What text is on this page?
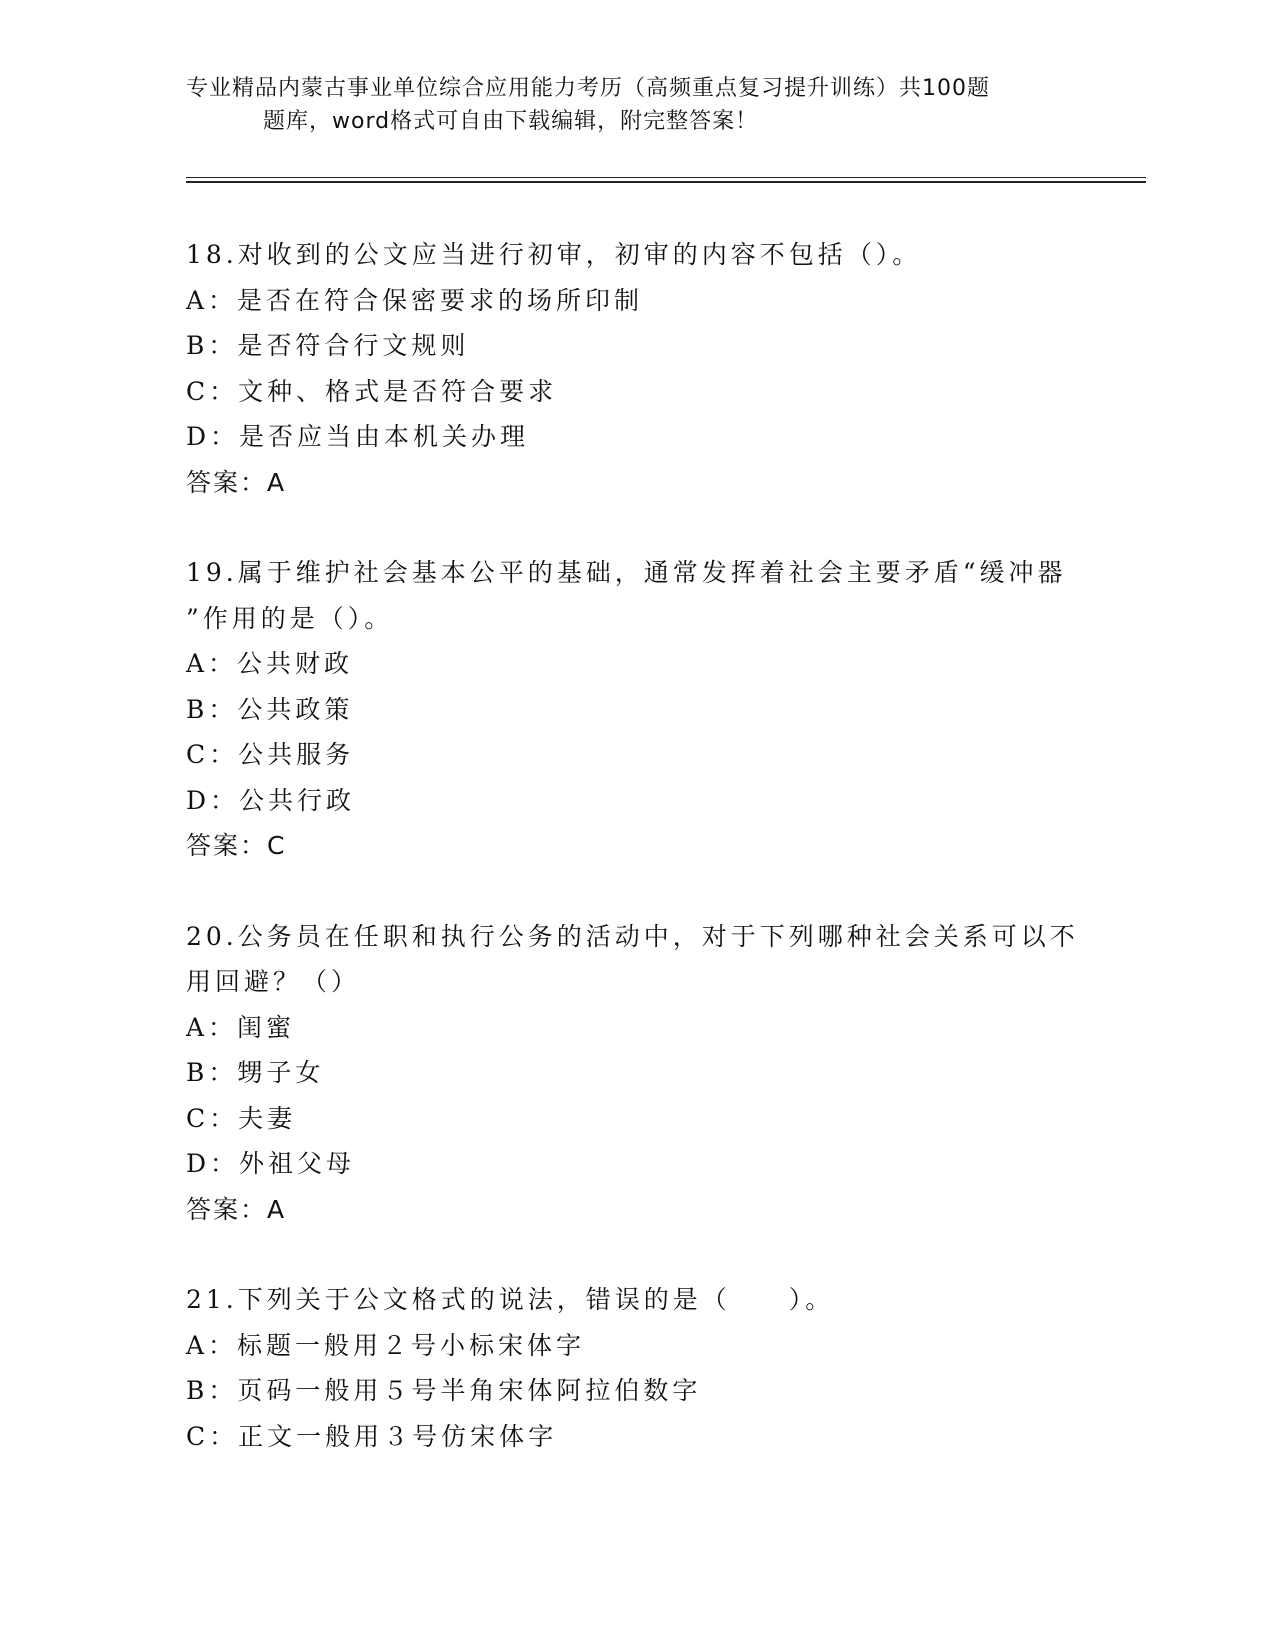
专业精品内蒙古事业单位综合应用能力考历（高频重点复习提升训练）共100题
题库，word格式可自由下载编辑，附完整答案！
18.对收到的公文应当进行初审，初审的内容不包括（）。
A：是否在符合保密要求的场所印制
B：是否符合行文规则
C：文种、格式是否符合要求
D：是否应当由本机关办理
答案：A
19.属于维护社会基本公平的基础，通常发挥着社会主要矛盾“缓冲器
”作用的是（）。
A：公共财政
B：公共政策
C：公共服务
D：公共行政
答案：C
20.公务员在任职和执行公务的活动中，对于下列哪种社会关系可以不
用回避？（）
A：闺蜜
B：甥子女
C：夫妻
D：外祖父母
答案：A
21.下列关于公文格式的说法，错误的是（　　）。
A：标题一般用２号小标宋体字
B：页码一般用５号半角宋体阿拉伯数字
C：正文一般用３号仿宋体字
